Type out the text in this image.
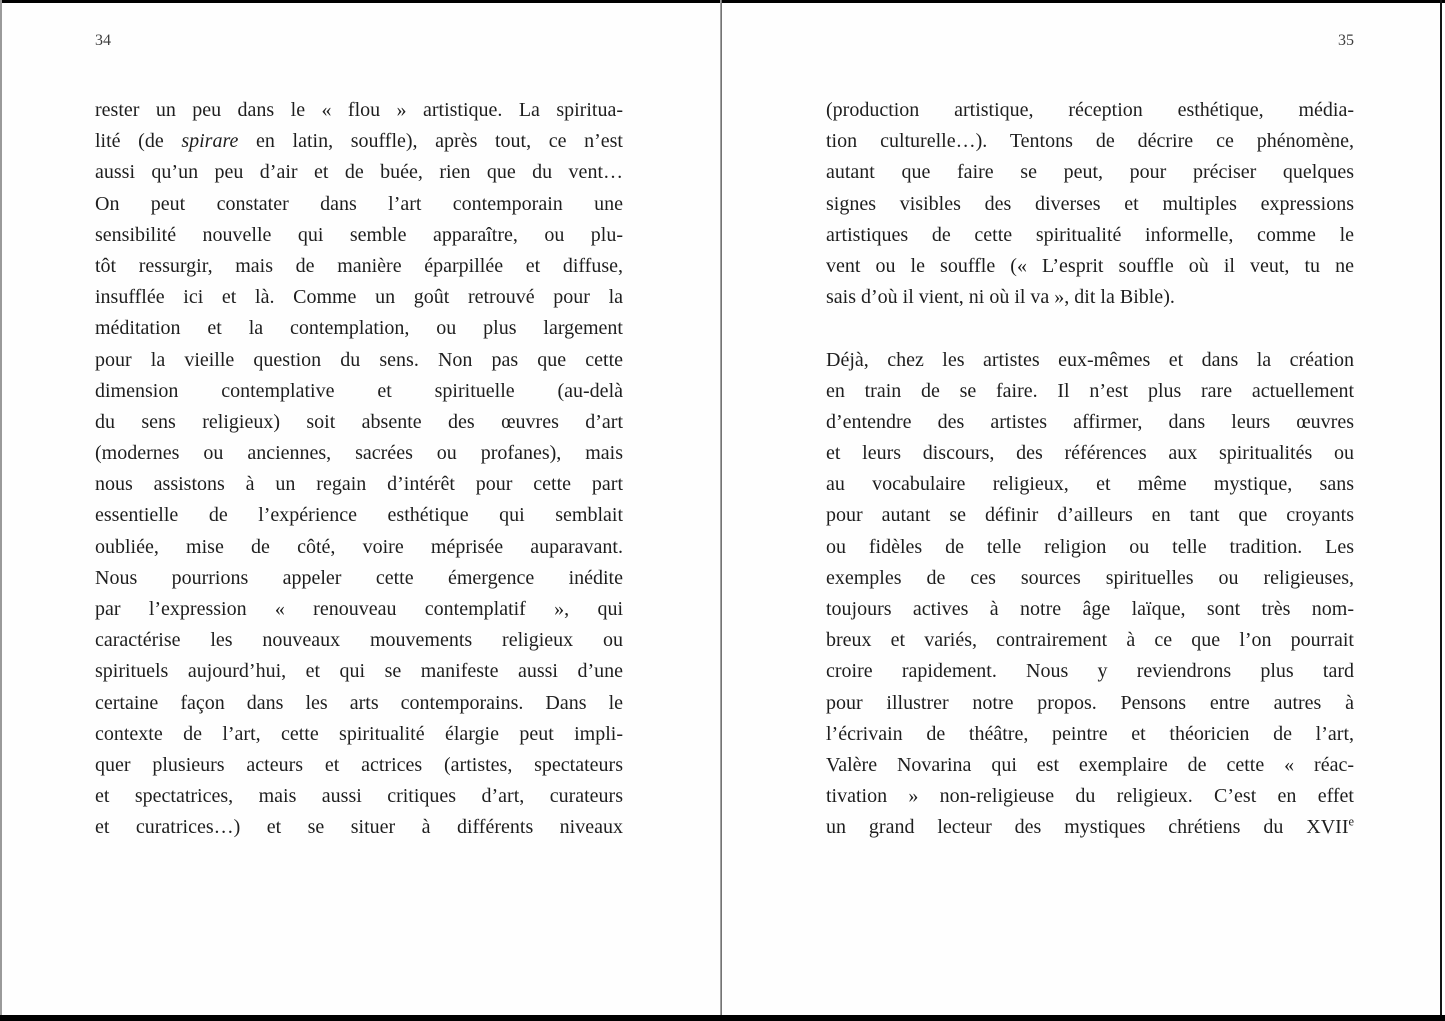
34
rester un peu dans le « flou » artistique. La spiritua-
lité (de spirare en latin, souffle), après tout, ce n’est
aussi qu’un peu d’air et de buée, rien que du vent…
On peut constater dans l’art contemporain une
sensibilité nouvelle qui semble apparaître, ou plu-
tôt ressurgir, mais de manière éparpillée et diffuse,
insufflée ici et là. Comme un goût retrouvé pour la
méditation et la contemplation, ou plus largement
pour la vieille question du sens. Non pas que cette
dimension contemplative et spirituelle (au-delà
du sens religieux) soit absente des œuvres d’art
(modernes ou anciennes, sacrées ou profanes), mais
nous assistons à un regain d’intérêt pour cette part
essentielle de l’expérience esthétique qui semblait
oubliée, mise de côté, voire méprisée auparavant.
Nous pourrions appeler cette émergence inédite
par l’expression « renouveau contemplatif », qui
caractérise les nouveaux mouvements religieux ou
spirituels aujourd’hui, et qui se manifeste aussi d’une
certaine façon dans les arts contemporains. Dans le
contexte de l’art, cette spiritualité élargie peut impli-
quer plusieurs acteurs et actrices (artistes, spectateurs
et spectatrices, mais aussi critiques d’art, curateurs
et curatrices…) et se situer à différents niveaux
35
(production artistique, réception esthétique, média-
tion culturelle…). Tentons de décrire ce phénomène,
autant que faire se peut, pour préciser quelques
signes visibles des diverses et multiples expressions
artistiques de cette spiritualité informelle, comme le
vent ou le souffle (« L’esprit souffle où il veut, tu ne
sais d’où il vient, ni où il va », dit la Bible).
Déjà, chez les artistes eux-mêmes et dans la création
en train de se faire. Il n’est plus rare actuellement
d’entendre des artistes affirmer, dans leurs œuvres
et leurs discours, des références aux spiritualités ou
au vocabulaire religieux, et même mystique, sans
pour autant se définir d’ailleurs en tant que croyants
ou fidèles de telle religion ou telle tradition. Les
exemples de ces sources spirituelles ou religieuses,
toujours actives à notre âge laïque, sont très nom-
breux et variés, contrairement à ce que l’on pourrait
croire rapidement. Nous y reviendrons plus tard
pour illustrer notre propos. Pensons entre autres à
l’écrivain de théâtre, peintre et théoricien de l’art,
Valère Novarina qui est exemplaire de cette « réac-
tivation » non-religieuse du religieux. C’est en effet
un grand lecteur des mystiques chrétiens du XVIIe
